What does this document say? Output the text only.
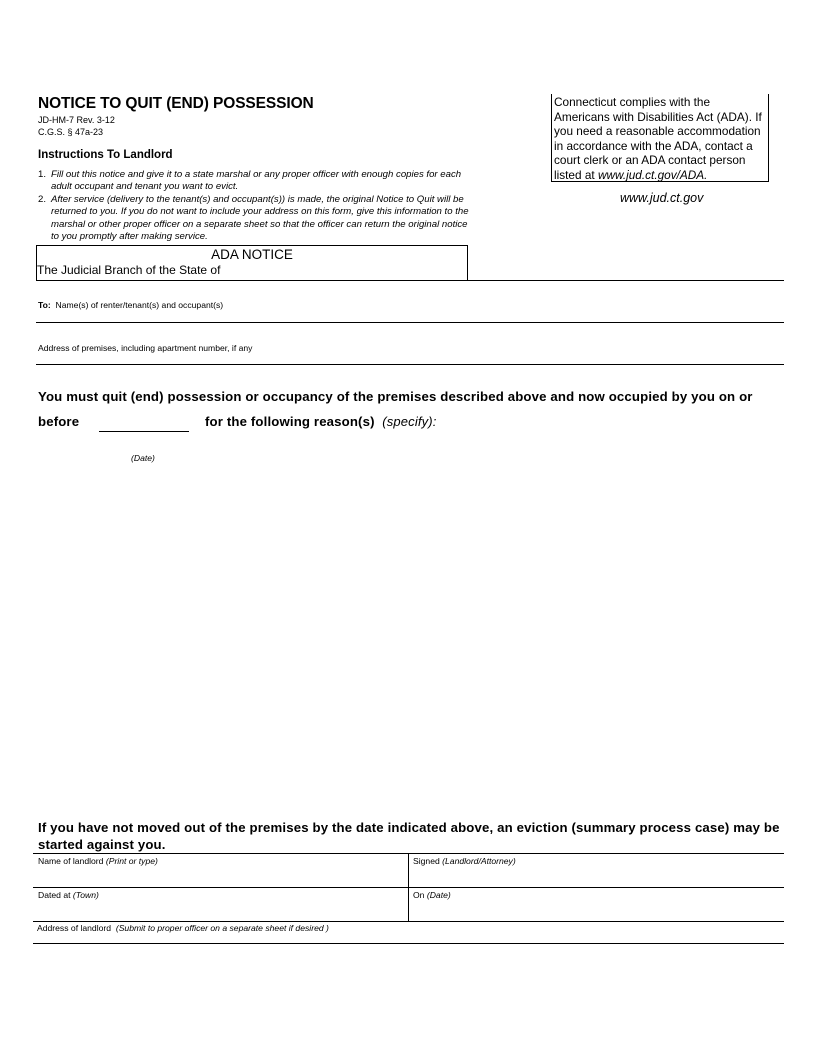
NOTICE TO QUIT (END) POSSESSION
JD-HM-7 Rev. 3-12
C.G.S. § 47a-23
Instructions To Landlord
1. Fill out this notice and give it to a state marshal or any proper officer with enough copies for each adult occupant and tenant you want to evict.
2. After service (delivery to the tenant(s) and occupant(s)) is made, the original Notice to Quit will be returned to you. If you do not want to include your address on this form, give this information to the marshal or other proper officer on a separate sheet so that the officer can return the original notice to you promptly after making service.
Connecticut complies with the Americans with Disabilities Act (ADA). If you need a reasonable accommodation in accordance with the ADA, contact a court clerk or an ADA contact person listed at www.jud.ct.gov/ADA.
www.jud.ct.gov
ADA NOTICE
The Judicial Branch of the State of
To: Name(s) of renter/tenant(s) and occupant(s)
Address of premises, including apartment number, if any
You must quit (end) possession or occupancy of the premises described above and now occupied by you on or
before	for the following reason(s) (specify):
(Date)
If you have not moved out of the premises by the date indicated above, an eviction (summary process case) may be
started against you.
Name of landlord (Print or type)	Signed (Landlord/Attorney)
Dated at (Town)	On (Date)
Address of landlord (Submit to proper officer on a separate sheet if desired )
